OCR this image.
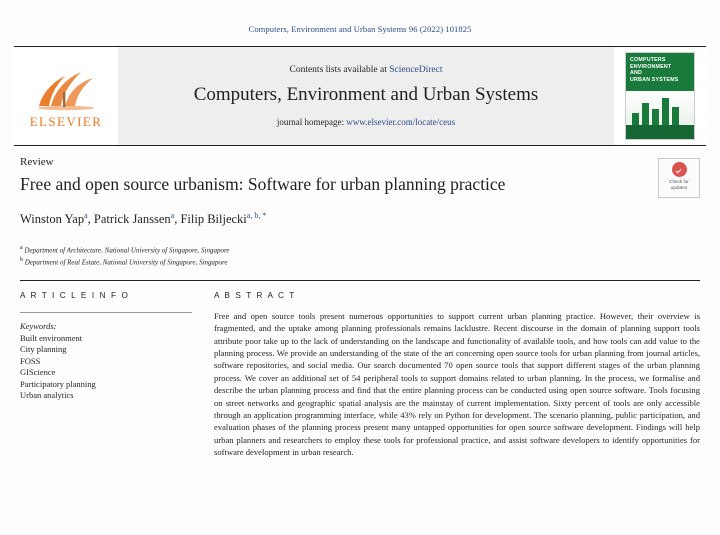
Computers, Environment and Urban Systems 96 (2022) 101825
ELSEVIER
Contents lists available at ScienceDirect
Computers, Environment and Urban Systems
journal homepage: www.elsevier.com/locate/ceus
COMPUTERS
ENVIRONMENT
AND
URBAN SYSTEMS
Check for
updates
Review
Free and open source urbanism: Software for urban planning practice
Winston Yap$^a$, Patrick Janssen$^a$, Filip Biljecki$^{a, b, *}$
$^a$ Department of Architecture, National University of Singapore, Singapore
$^b$ Department of Real Estate, National University of Singapore, Singapore
A R T I C L E I N F O
Keywords:
Built environment
City planning
FOSS
GIScience
Participatory planning
Urban analytics
A B S T R A C T
Free and open source tools present numerous opportunities to support current urban planning practice. However, their overview is fragmented, and the uptake among planning professionals remains lacklustre. Recent discourse in the domain of planning support tools attribute poor take up to the lack of understanding on the landscape and functionality of available tools, and how tools can add value to the planning process. We provide an understanding of the state of the art concerning open source tools for urban planning from journal articles, software repositories, and social media. Our search documented 70 open source tools that support different stages of the urban planning process. We cover an additional set of 54 peripheral tools to support domains related to urban planning. In the process, we formalise and describe the urban planning process and find that the entire planning process can be conducted using open source software. Tools focusing on street networks and geographic spatial analysis are the mainstay of current implementation. Sixty percent of tools are only accessible through an application programming interface, while 43% rely on Python for development. The scenario planning, public participation, and evaluation phases of the planning process present many untapped opportunities for open source software development. Findings will help urban planners and researchers to employ these tools for professional practice, and assist software developers to identify opportunities for software development in urban research.
